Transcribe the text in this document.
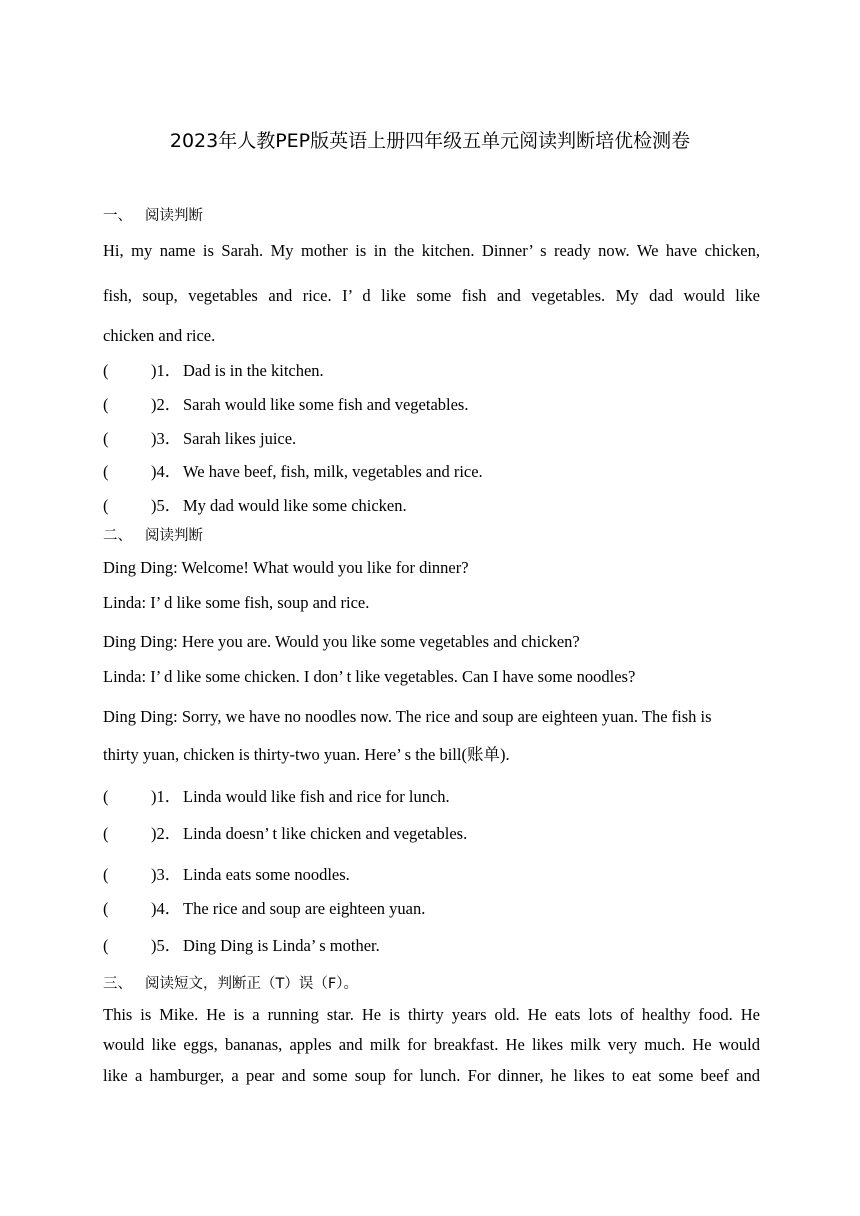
2023年人教PEP版英语上册四年级五单元阅读判断培优检测卷
一、 阅读判断
Hi, my name is Sarah. My mother is in the kitchen. Dinner’ s ready now. We have chicken,
fish, soup, vegetables and rice. I’ d like some fish and vegetables. My dad would like
chicken and rice.
(	)1． Dad is in the kitchen.
(	)2． Sarah would like some fish and vegetables.
(	)3． Sarah likes juice.
(	)4． We have beef, fish, milk, vegetables and rice.
(	)5． My dad would like some chicken.
二、 阅读判断
Ding Ding: Welcome! What would you like for dinner?
Linda: I’ d like some fish, soup and rice.
Ding Ding: Here you are. Would you like some vegetables and chicken?
Linda: I’ d like some chicken. I don’ t like vegetables. Can I have some noodles?
Ding Ding: Sorry, we have no noodles now. The rice and soup are eighteen yuan. The fish is
thirty yuan, chicken is thirty-two yuan. Here’ s the bill(账单).
(	)1． Linda would like fish and rice for lunch.
(	)2． Linda doesn’ t like chicken and vegetables.
(	)3． Linda eats some noodles.
(	)4． The rice and soup are eighteen yuan.
(	)5． Ding Ding is Linda’ s mother.
三、 阅读短文，判断正（T）误（F）。
This is Mike. He is a running star. He is thirty years old. He eats lots of healthy food. He
would like eggs, bananas, apples and milk for breakfast. He likes milk very much. He would
like a hamburger, a pear and some soup for lunch. For dinner, he likes to eat some beef and
